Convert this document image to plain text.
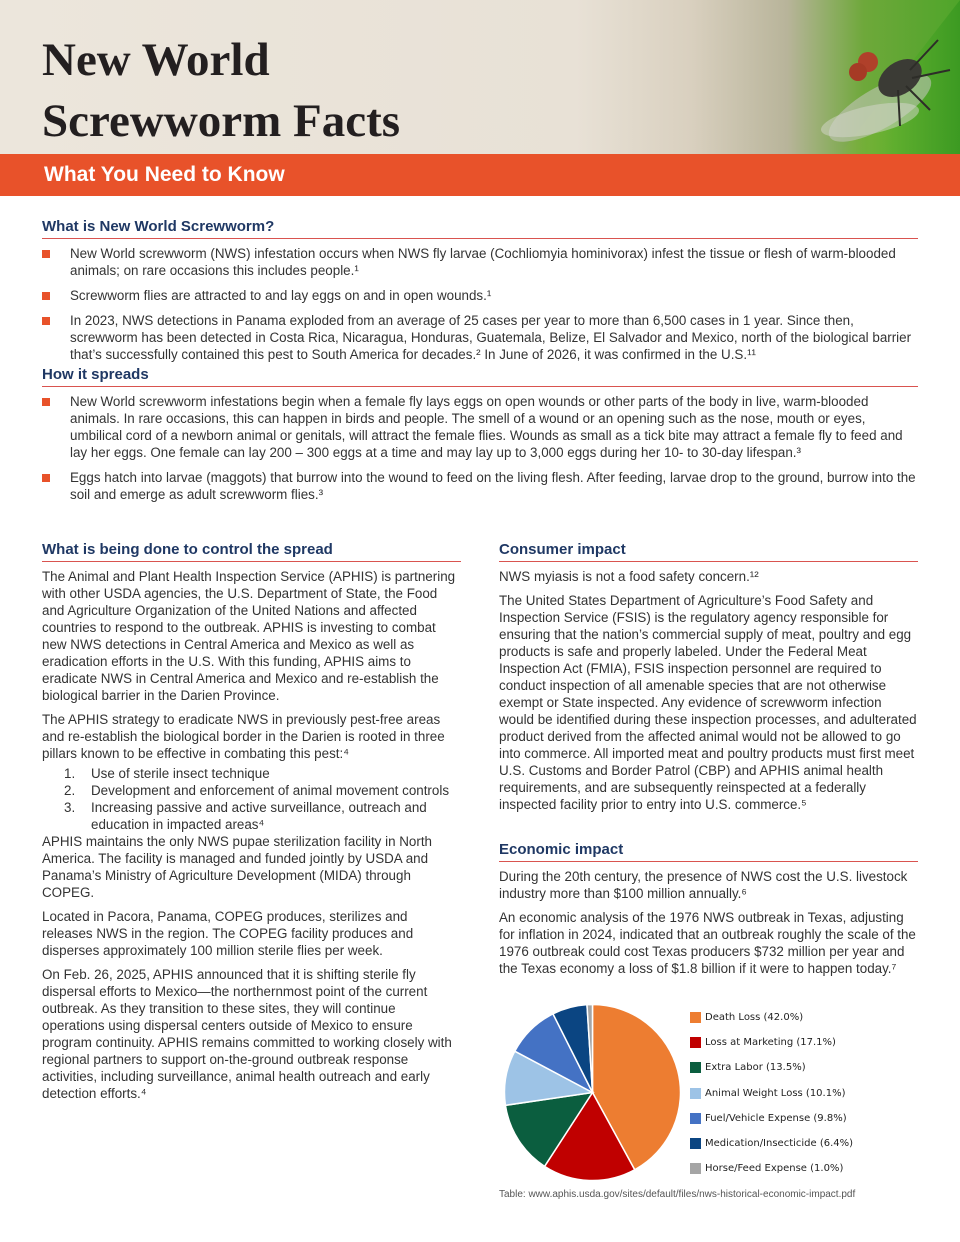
New World
Screwworm Facts
What You Need to Know
What is New World Screwworm?
New World screwworm (NWS) infestation occurs when NWS fly larvae (Cochliomyia hominivorax) infest the tissue or flesh of warm-blooded animals; on rare occasions this includes people.¹
Screwworm flies are attracted to and lay eggs on and in open wounds.¹
In 2023, NWS detections in Panama exploded from an average of 25 cases per year to more than 6,500 cases in 1 year. Since then, screwworm has been detected in Costa Rica, Nicaragua, Honduras, Guatemala, Belize, El Salvador and Mexico, north of the biological barrier that’s successfully contained this pest to South America for decades.² In June of 2026, it was confirmed in the U.S.¹¹
How it spreads
New World screwworm infestations begin when a female fly lays eggs on open wounds or other parts of the body in live, warm-blooded animals. In rare occasions, this can happen in birds and people. The smell of a wound or an opening such as the nose, mouth or eyes, umbilical cord of a newborn animal or genitals, will attract the female flies. Wounds as small as a tick bite may attract a female fly to feed and lay her eggs. One female can lay 200 – 300 eggs at a time and may lay up to 3,000 eggs during her 10- to 30-day lifespan.³
Eggs hatch into larvae (maggots) that burrow into the wound to feed on the living flesh. After feeding, larvae drop to the ground, burrow into the soil and emerge as adult screwworm flies.³
What is being done to control the spread

The Animal and Plant Health Inspection Service (APHIS) is partnering with other USDA agencies, the U.S. Department of State, the Food and Agriculture Organization of the United Nations and affected countries to respond to the outbreak. APHIS is investing to combat new NWS detections in Central America and Mexico as well as eradication efforts in the U.S. With this funding, APHIS aims to eradicate NWS in Central America and Mexico and re-establish the biological barrier in the Darien Province.

The APHIS strategy to eradicate NWS in previously pest-free areas and re-establish the biological border in the Darien is rooted in three pillars known to be effective in combating this pest:⁴

1. Use of sterile insect technique
2. Development and enforcement of animal movement controls
3. Increasing passive and active surveillance, outreach and education in impacted areas⁴

APHIS maintains the only NWS pupae sterilization facility in North America. The facility is managed and funded jointly by USDA and Panama’s Ministry of Agriculture Development (MIDA) through COPEG.

Located in Pacora, Panama, COPEG produces, sterilizes and releases NWS in the region. The COPEG facility produces and disperses approximately 100 million sterile flies per week.

On Feb. 26, 2025, APHIS announced that it is shifting sterile fly dispersal efforts to Mexico—the northernmost point of the current outbreak. As they transition to these sites, they will continue operations using dispersal centers outside of Mexico to ensure program continuity. APHIS remains committed to working closely with regional partners to support on-the-ground outbreak response activities, including surveillance, animal health outreach and early detection efforts.⁴

Consumer impact

NWS myiasis is not a food safety concern.¹²

The United States Department of Agriculture’s Food Safety and Inspection Service (FSIS) is the regulatory agency responsible for ensuring that the nation’s commercial supply of meat, poultry and egg products is safe and properly labeled. Under the Federal Meat Inspection Act (FMIA), FSIS inspection personnel are required to conduct inspection of all amenable species that are not otherwise exempt or State inspected. Any evidence of screwworm infection would be identified during these inspection processes, and adulterated product derived from the affected animal would not be allowed to go into commerce. All imported meat and poultry products must first meet U.S. Customs and Border Patrol (CBP) and APHIS animal health requirements, and are subsequently reinspected at a federally inspected facility prior to entry into U.S. commerce.⁵

Economic impact

During the 20th century, the presence of NWS cost the U.S. livestock industry more than $100 million annually.⁶

An economic analysis of the 1976 NWS outbreak in Texas, adjusting for inflation in 2024, indicated that an outbreak roughly the scale of the 1976 outbreak could cost Texas producers $732 million per year and the Texas economy a loss of $1.8 billion if it were to happen today.⁷

Death Loss (42.0%)
Loss at Marketing (17.1%)
Extra Labor (13.5%)
Animal Weight Loss (10.1%)
Fuel/Vehicle Expense (9.8%)
Medication/Insecticide (6.4%)
Horse/Feed Expense (1.0%)
Table: www.aphis.usda.gov/sites/default/files/nws-historical-economic-impact.pdf
